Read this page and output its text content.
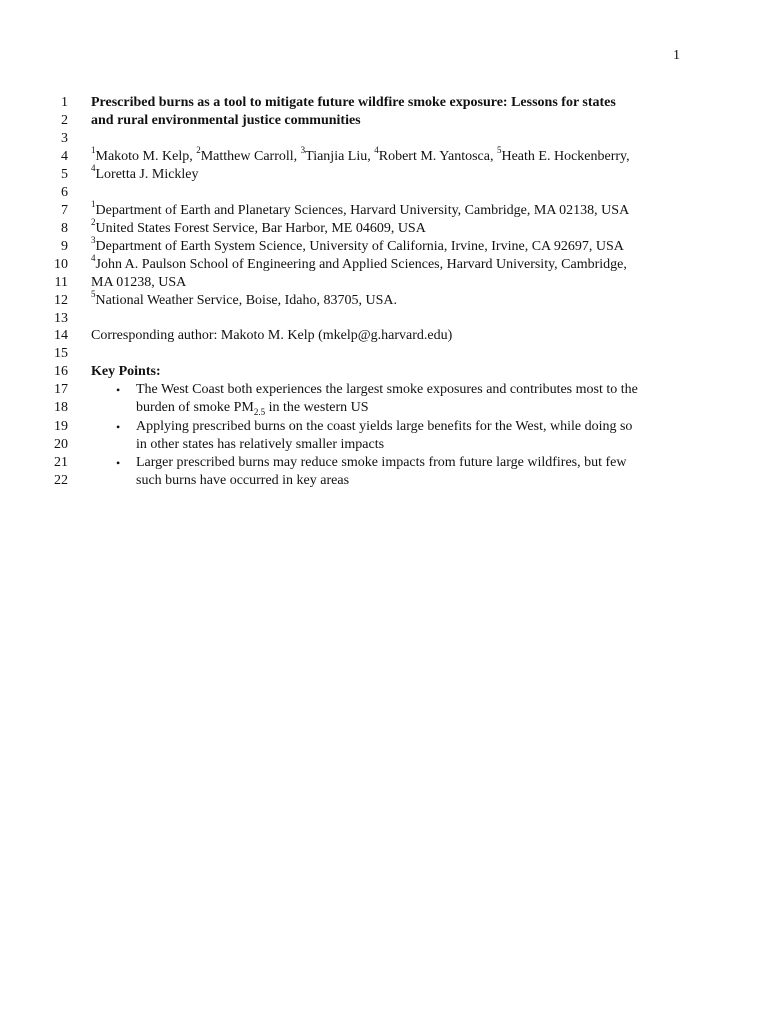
1
1 Prescribed burns as a tool to mitigate future wildfire smoke exposure: Lessons for states
2 and rural environmental justice communities
3
4	$^1$Makoto M. Kelp, $^2$Matthew Carroll, $^3$Tianjia Liu, $^4$Robert M. Yantosca, $^5$Heath E. Hockenberry,
5	$^4$Loretta J. Mickley
6
7	$^1$Department of Earth and Planetary Sciences, Harvard University, Cambridge, MA 02138, USA
8	$^2$United States Forest Service, Bar Harbor, ME 04609, USA
9	$^3$Department of Earth System Science, University of California, Irvine, Irvine, CA 92697, USA
10	$^4$John A. Paulson School of Engineering and Applied Sciences, Harvard University, Cambridge,
11 MA 01238, USA
12	$^5$National Weather Service, Boise, Idaho, 83705, USA.
13
14 Corresponding author: Makoto M. Kelp (mkelp@g.harvard.edu)
15
16 Key Points:
17	• The West Coast both experiences the largest smoke exposures and contributes most to the
18	burden of smoke $PM_{2.5}$ in the western US
19	• Applying prescribed burns on the coast yields large benefits for the West, while doing so
20	in other states has relatively smaller impacts
21	• Larger prescribed burns may reduce smoke impacts from future large wildfires, but few
22	such burns have occurred in key areas
